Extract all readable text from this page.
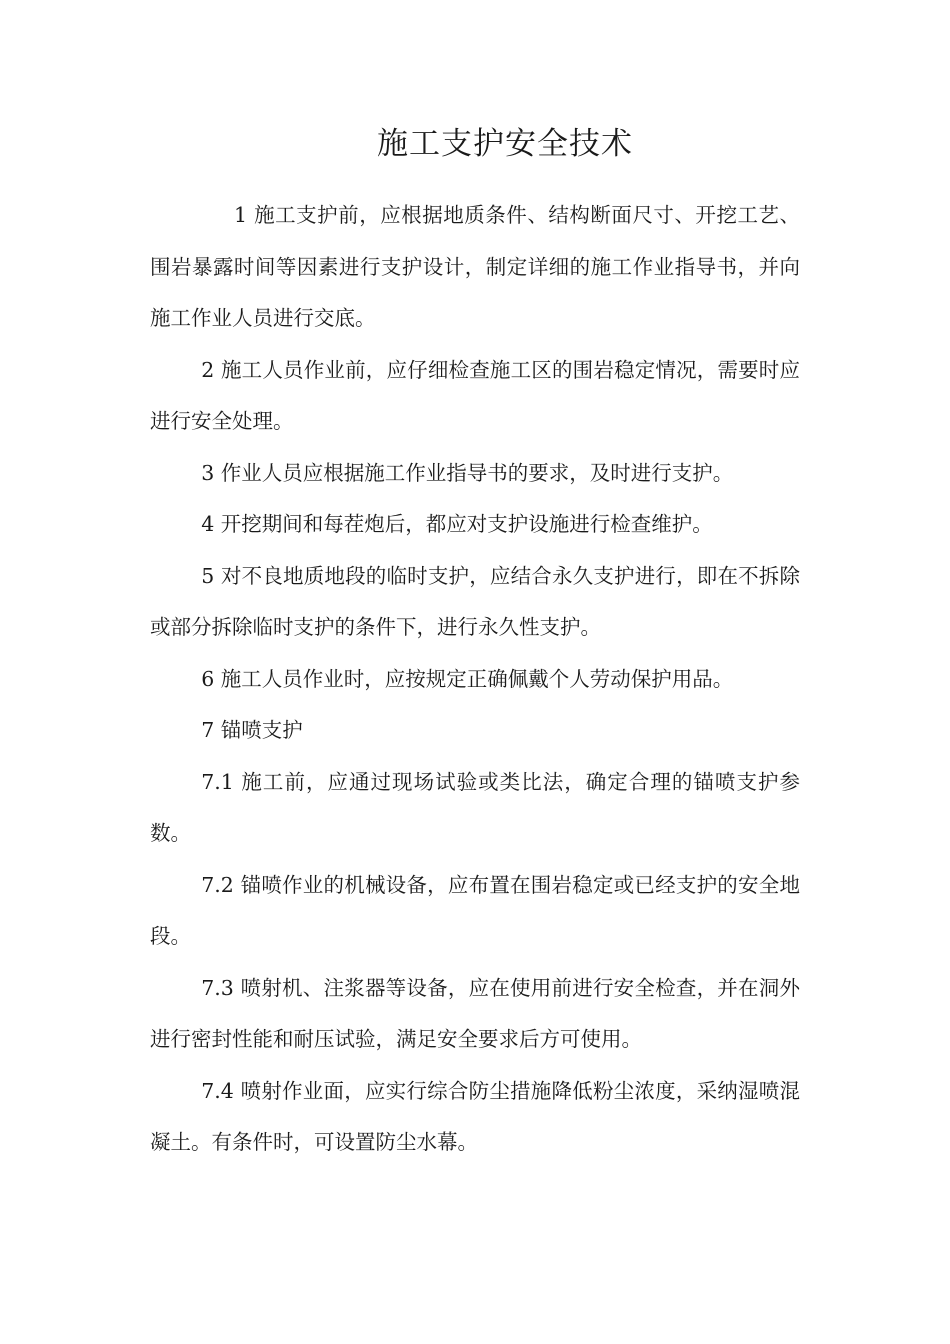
施工支护安全技术

1 施工支护前，应根据地质条件、结构断面尺寸、开挖工艺、围岩暴露时间等因素进行支护设计，制定详细的施工作业指导书，并向施工作业人员进行交底。

2 施工人员作业前，应仔细检查施工区的围岩稳定情况，需要时应进行安全处理。

3 作业人员应根据施工作业指导书的要求，及时进行支护。

4 开挖期间和每茬炮后，都应对支护设施进行检查维护。

5 对不良地质地段的临时支护，应结合永久支护进行，即在不拆除或部分拆除临时支护的条件下，进行永久性支护。

6 施工人员作业时，应按规定正确佩戴个人劳动保护用品。

7 锚喷支护

7.1 施工前，应通过现场试验或类比法，确定合理的锚喷支护参数。

7.2 锚喷作业的机械设备，应布置在围岩稳定或已经支护的安全地段。

7.3 喷射机、注浆器等设备，应在使用前进行安全检查，并在洞外进行密封性能和耐压试验，满足安全要求后方可使用。

7.4 喷射作业面，应实行综合防尘措施降低粉尘浓度，采纳湿喷混凝土。有条件时，可设置防尘水幕。
